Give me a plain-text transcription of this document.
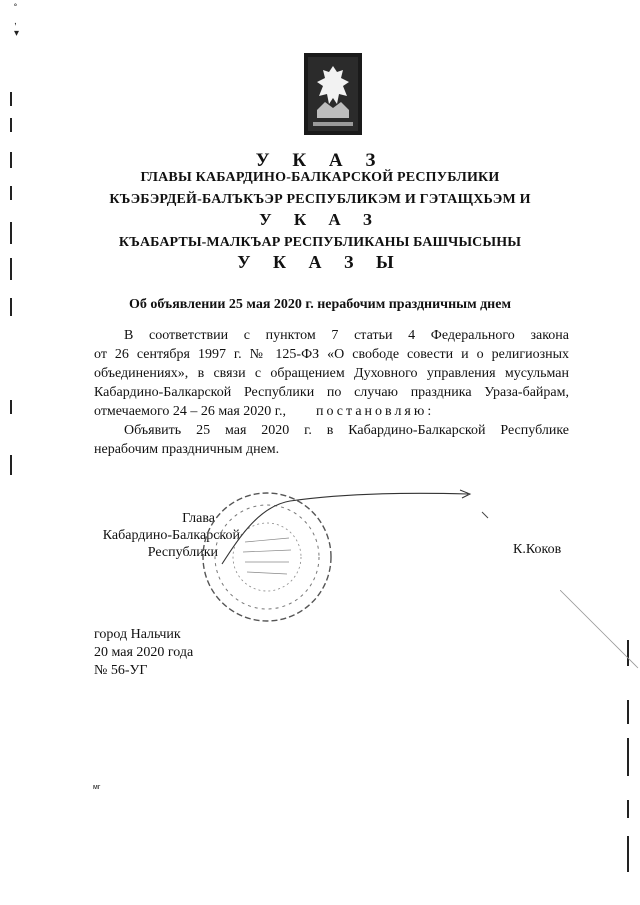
˚
,
▾
У К А З
ГЛАВЫ КАБАРДИНО-БАЛКАРСКОЙ РЕСПУБЛИКИ
КЪЭБЭРДЕЙ-БАЛЪКЪЭР РЕСПУБЛИКЭМ И ГЭТАЩХЬЭМ И
У К А З
КЪАБАРТЫ-МАЛКЪАР РЕСПУБЛИКАНЫ БАШЧЫСЫНЫ
У К А З Ы
Об объявлении 25 мая 2020 г. нерабочим праздничным днем
В соответствии с пунктом 7 статьи 4 Федерального закона
от 26 сентября 1997 г. № 125-ФЗ «О свободе совести и о религиозных
объединениях», в связи с обращением Духовного управления мусульман
Кабардино-Балкарской Республики по случаю праздника Ураза-байрам,
отмечаемого 24 – 26 мая 2020 г., постановляю:
Объявить 25 мая 2020 г. в Кабардино-Балкарской Республике
нерабочим праздничным днем.
Глава
Кабардино-Балкарской
Республики	К.Коков
город Нальчик
20 мая 2020 года
№ 56-УГ
мг
